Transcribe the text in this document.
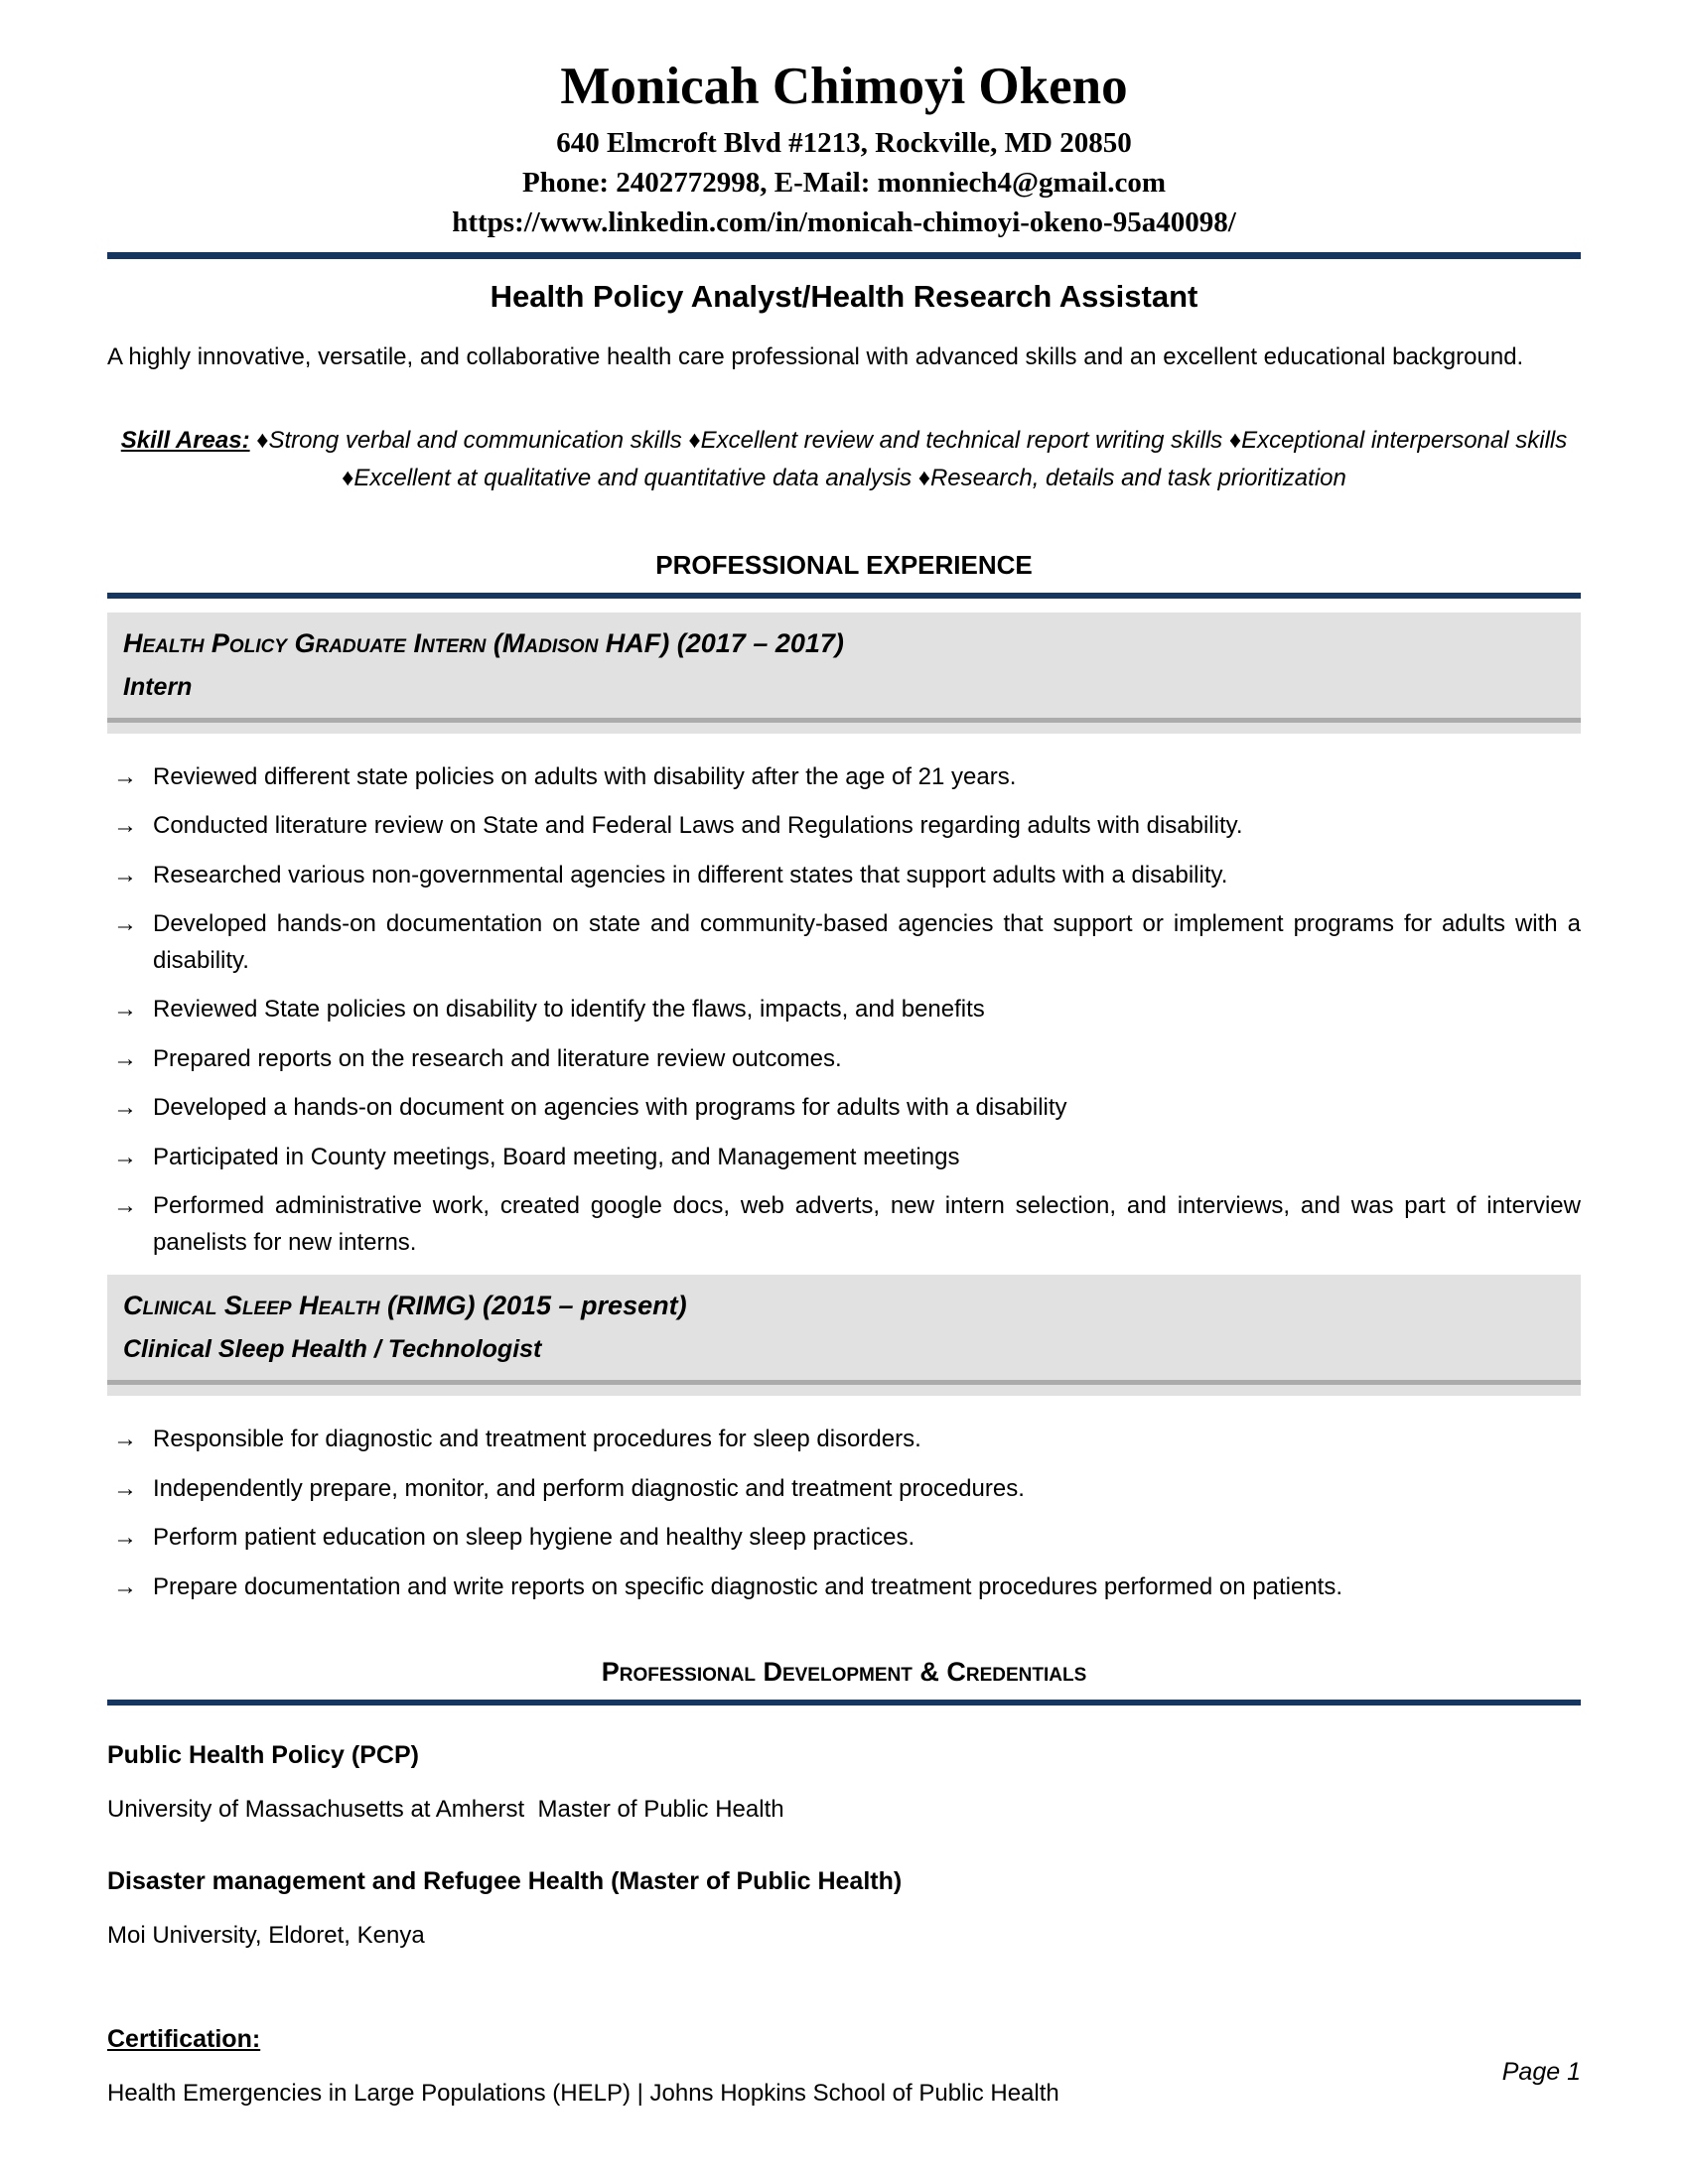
Monicah Chimoyi Okeno
640 Elmcroft Blvd #1213, Rockville, MD 20850
Phone: 2402772998, E-Mail: monniech4@gmail.com
https://www.linkedin.com/in/monicah-chimoyi-okeno-95a40098/
Health Policy Analyst/Health Research Assistant

A highly innovative, versatile, and collaborative health care professional with advanced skills and an excellent educational background.

Skill Areas: ♦Strong verbal and communication skills ♦Excellent review and technical report writing skills ♦Exceptional interpersonal skills ♦Excellent at qualitative and quantitative data analysis ♦Research, details and task prioritization

PROFESSIONAL EXPERIENCE
Health Policy Graduate Intern (Madison HAF) (2017 – 2017)
Intern
→ Reviewed different state policies on adults with disability after the age of 21 years.
→ Conducted literature review on State and Federal Laws and Regulations regarding adults with disability.
→ Researched various non-governmental agencies in different states that support adults with a disability.
→ Developed hands-on documentation on state and community-based agencies that support or implement programs for adults with a disability.
→ Reviewed State policies on disability to identify the flaws, impacts, and benefits
→ Prepared reports on the research and literature review outcomes.
→ Developed a hands-on document on agencies with programs for adults with a disability
→ Participated in County meetings, Board meeting, and Management meetings
→ Performed administrative work, created google docs, web adverts, new intern selection, and interviews, and was part of interview panelists for new interns.
Clinical Sleep Health (RIMG) (2015 – present)
Clinical Sleep Health / Technologist
→ Responsible for diagnostic and treatment procedures for sleep disorders.
→ Independently prepare, monitor, and perform diagnostic and treatment procedures.
→ Perform patient education on sleep hygiene and healthy sleep practices.
→ Prepare documentation and write reports on specific diagnostic and treatment procedures performed on patients.
Professional Development & Credentials
Public Health Policy (PCP)
University of Massachusetts at Amherst  Master of Public Health
Disaster management and Refugee Health (Master of Public Health)
Moi University, Eldoret, Kenya
Certification:
Health Emergencies in Large Populations (HELP) | Johns Hopkins School of Public Health
Page 1
